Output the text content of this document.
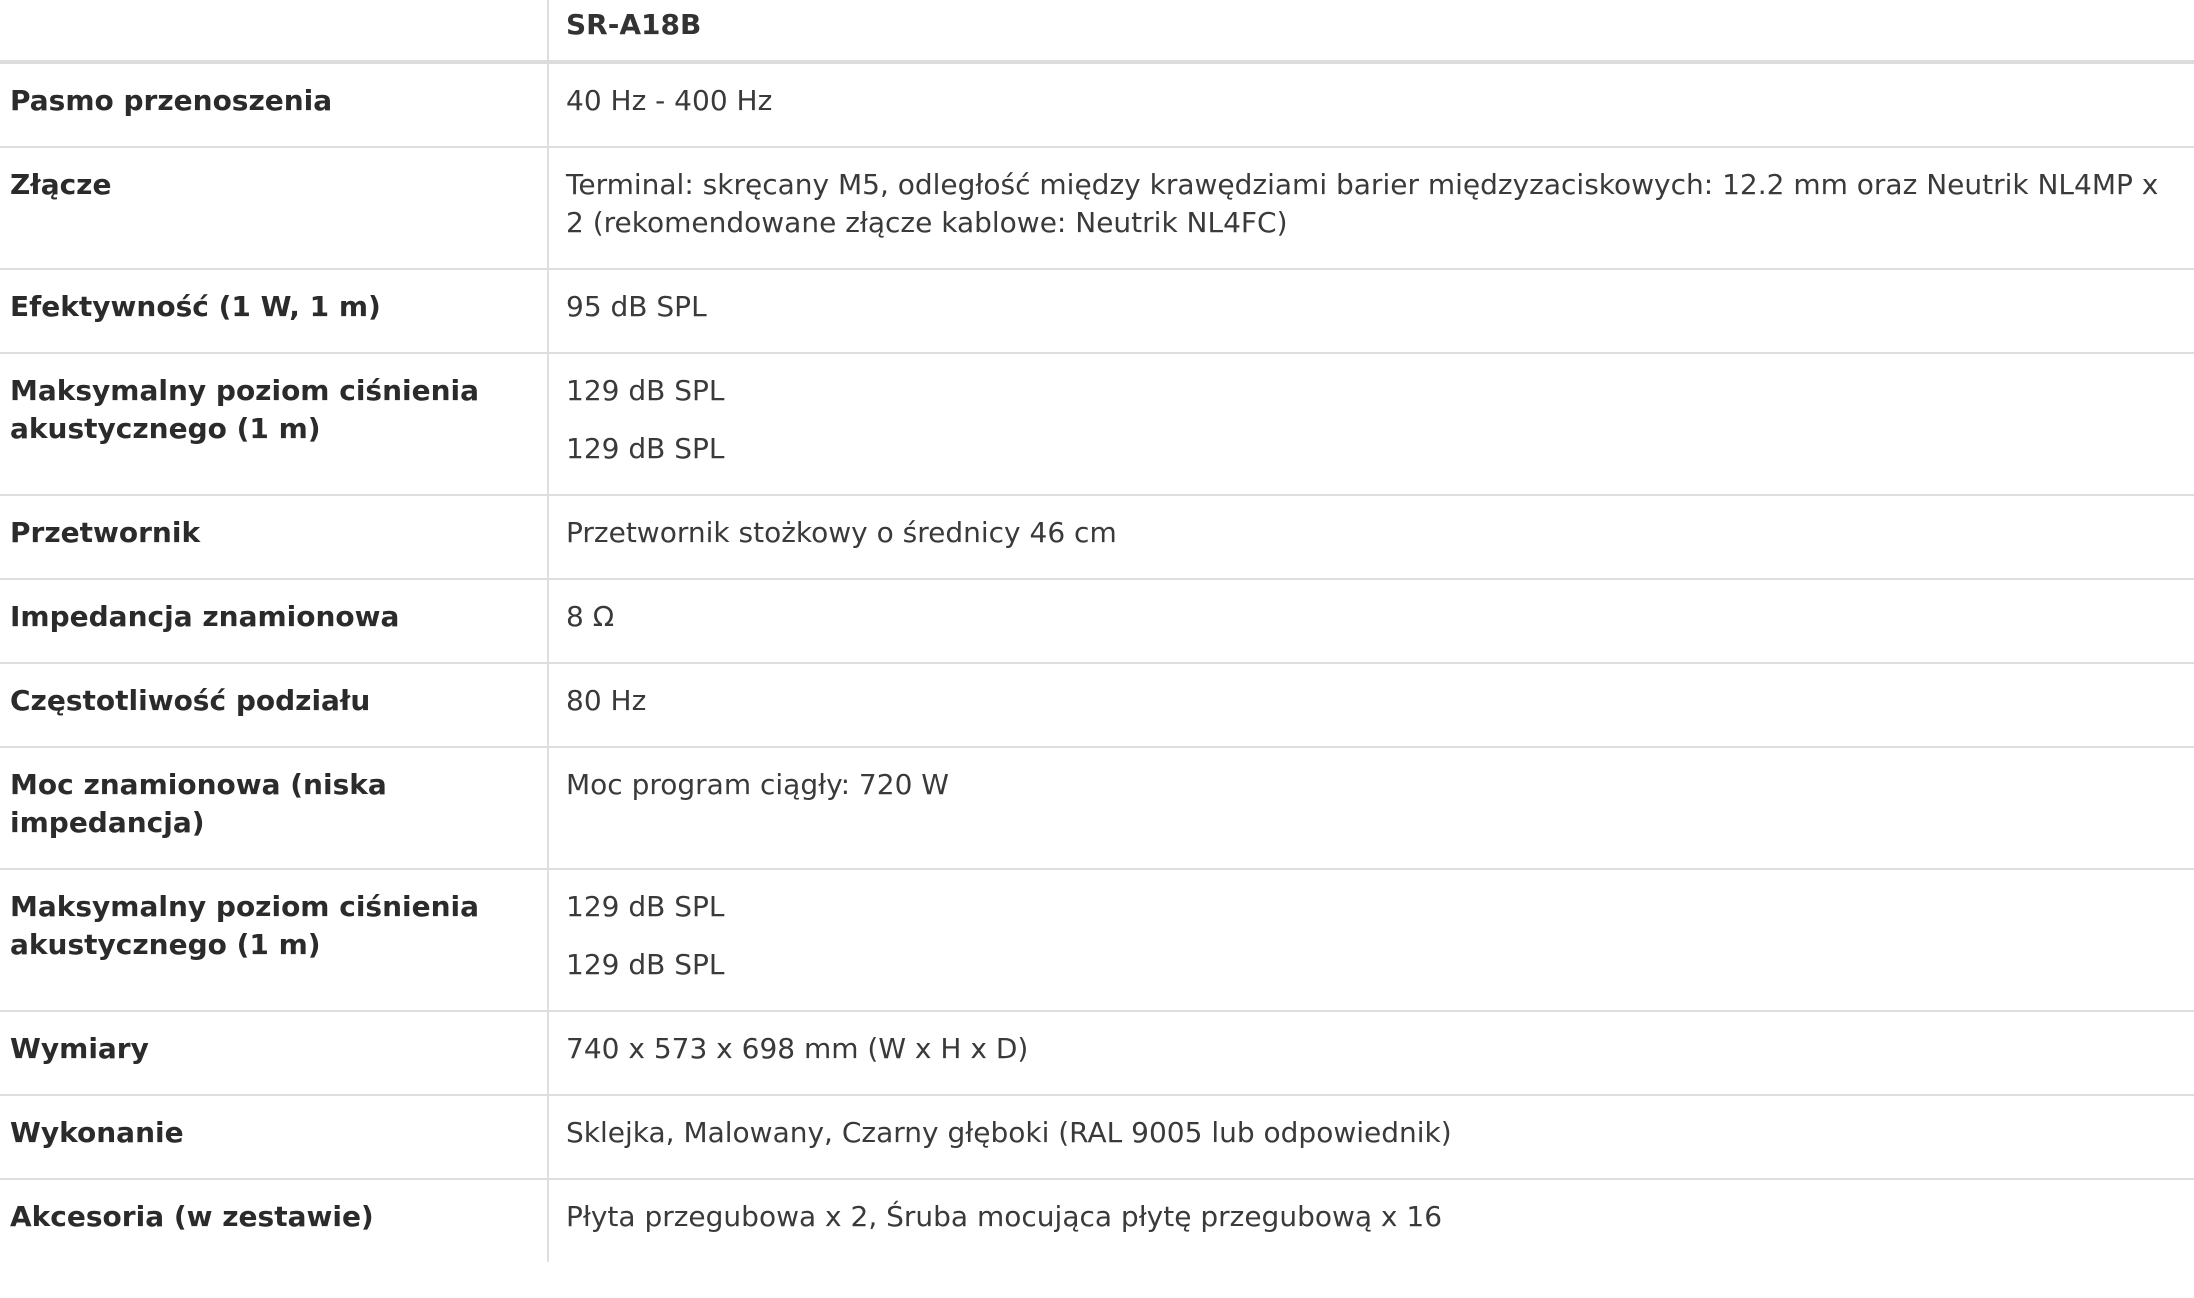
	SR-A18B
Pasmo przenoszenia	40 Hz - 400 Hz

Złącze	Terminal: skręcany M5, odległość między krawędziami barier międzyzaciskowych: 12.2 mm oraz Neutrik NL4MP x 2 (rekomendowane złącze kablowe: Neutrik NL4FC)

Efektywność (1 W, 1 m)	95 dB SPL

Maksymalny poziom ciśnienia akustycznego (1 m)	129 dB SPL
129 dB SPL

Przetwornik	Przetwornik stożkowy o średnicy 46 cm

Impedancja znamionowa	8 Ω

Częstotliwość podziału	80 Hz

Moc znamionowa (niska impedancja)	Moc program ciągły: 720 W

Maksymalny poziom ciśnienia akustycznego (1 m)	129 dB SPL
129 dB SPL

Wymiary	740 x 573 x 698 mm (W x H x D)

Wykonanie	Sklejka, Malowany, Czarny głęboki (RAL 9005 lub odpowiednik)

Akcesoria (w zestawie)	Płyta przegubowa x 2, Śruba mocująca płytę przegubową x 16
